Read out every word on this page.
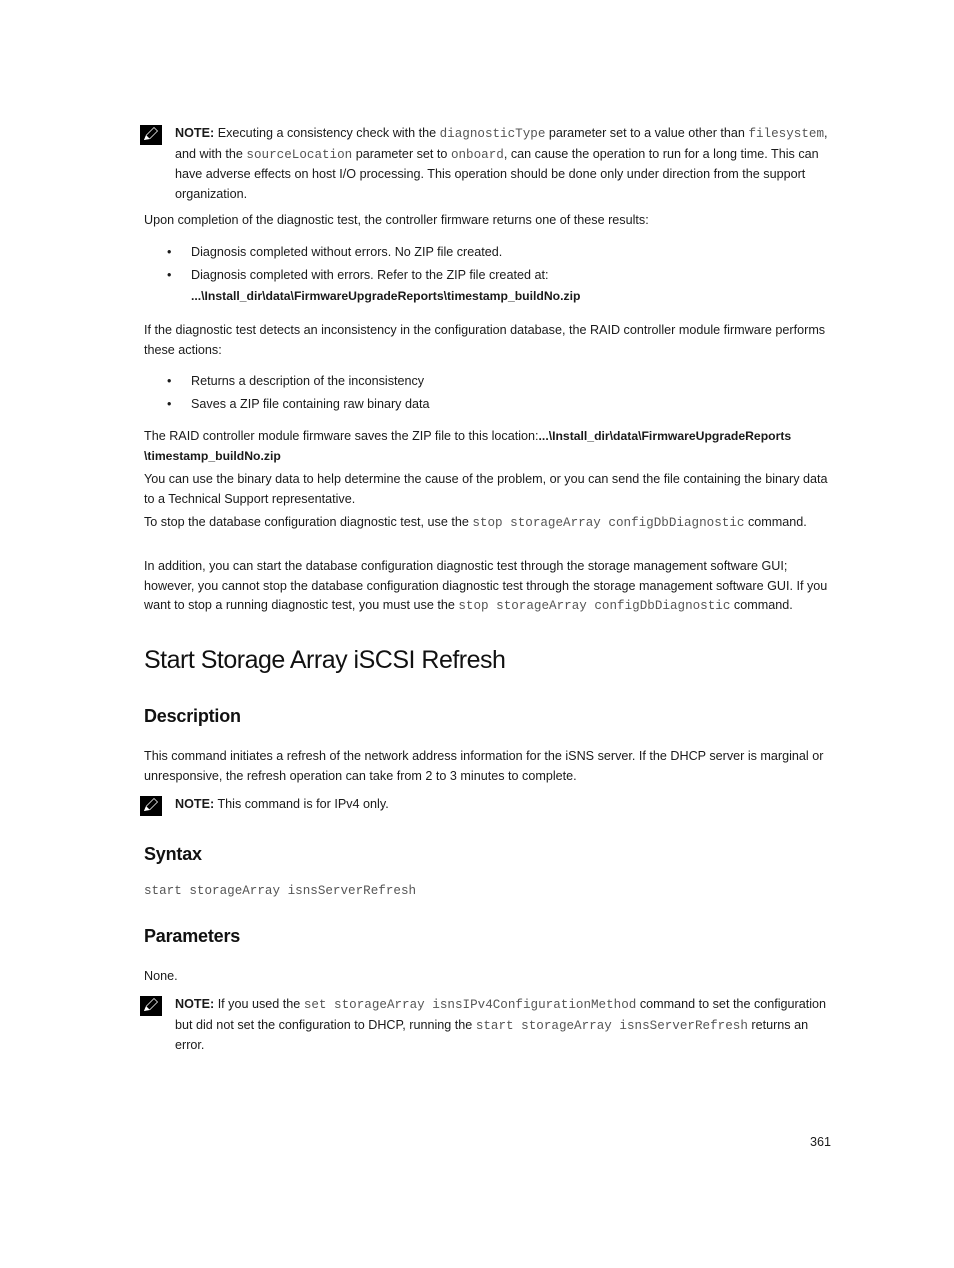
NOTE: Executing a consistency check with the diagnosticType parameter set to a value other than filesystem, and with the sourceLocation parameter set to onboard, can cause the operation to run for a long time. This can have adverse effects on host I/O processing. This operation should be done only under direction from the support organization.

Upon completion of the diagnostic test, the controller firmware returns one of these results:

• Diagnosis completed without errors. No ZIP file created.
• Diagnosis completed with errors. Refer to the ZIP file created at:
...\Install_dir\data\FirmwareUpgradeReports\timestamp_buildNo.zip

If the diagnostic test detects an inconsistency in the configuration database, the RAID controller module firmware performs these actions:

• Returns a description of the inconsistency
• Saves a ZIP file containing raw binary data

The RAID controller module firmware saves the ZIP file to this location:...\Install_dir\data\FirmwareUpgradeReports
\timestamp_buildNo.zip

You can use the binary data to help determine the cause of the problem, or you can send the file containing the binary data to a Technical Support representative.

To stop the database configuration diagnostic test, use the stop storageArray configDbDiagnostic command.

In addition, you can start the database configuration diagnostic test through the storage management software GUI; however, you cannot stop the database configuration diagnostic test through the storage management software GUI. If you want to stop a running diagnostic test, you must use the stop storageArray configDbDiagnostic command.

Start Storage Array iSCSI Refresh
Description

This command initiates a refresh of the network address information for the iSNS server. If the DHCP server is marginal or unresponsive, the refresh operation can take from 2 to 3 minutes to complete.

NOTE: This command is for IPv4 only.

Syntax

start storageArray isnsServerRefresh

Parameters

None.

NOTE: If you used the set storageArray isnsIPv4ConfigurationMethod command to set the configuration but did not set the configuration to DHCP, running the start storageArray isnsServerRefresh returns an error.

361
